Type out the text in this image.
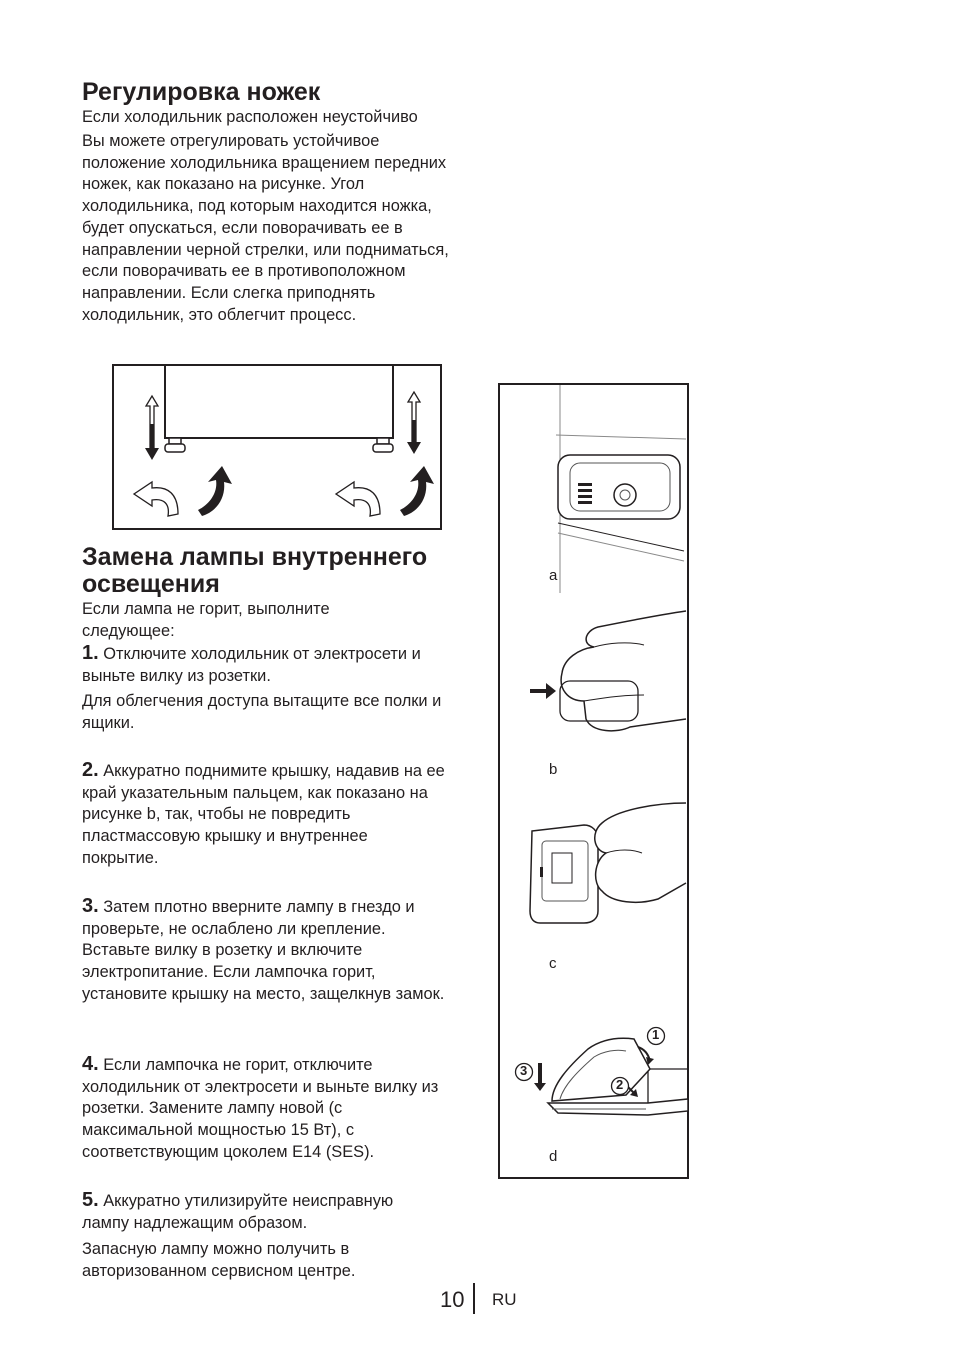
Регулировка ножек

Если холодильник расположен неустойчиво

Вы можете отрегулировать устойчивое положение холодильника вращением передних ножек, как показано на рисунке. Угол холодильника, под которым находится ножка, будет опускаться, если поворачивать ее в направлении черной стрелки, или подниматься, если поворачивать ее в противоположном направлении. Если слегка приподнять холодильник, это облегчит процесс.

Замена лампы внутреннего
освещения

Если лампа не горит, выполните следующее:

1. Отключите холодильник от электросети и выньте вилку из розетки.

Для облегчения доступа вытащите все полки и ящики.

2. Аккуратно поднимите крышку, надавив на ее край указательным пальцем, как показано на рисунке b, так, чтобы не повредить пластмассовую крышку и внутреннее покрытие.

3. Затем плотно вверните лампу в гнездо и проверьте, не ослаблено ли крепление. Вставьте вилку в розетку и включите электропитание. Если лампочка горит, установите крышку на место, защелкнув замок.

4. Если лампочка не горит, отключите холодильник от электросети и выньте вилку из розетки. Замените лампу новой (с максимальной мощностью 15 Вт), с соответствующим цоколем E14 (SES).

5. Аккуратно утилизируйте неисправную лампу надлежащим образом.

Запасную лампу можно получить в авторизованном сервисном центре.

1
2
3
a
b
c
d
10 RU
